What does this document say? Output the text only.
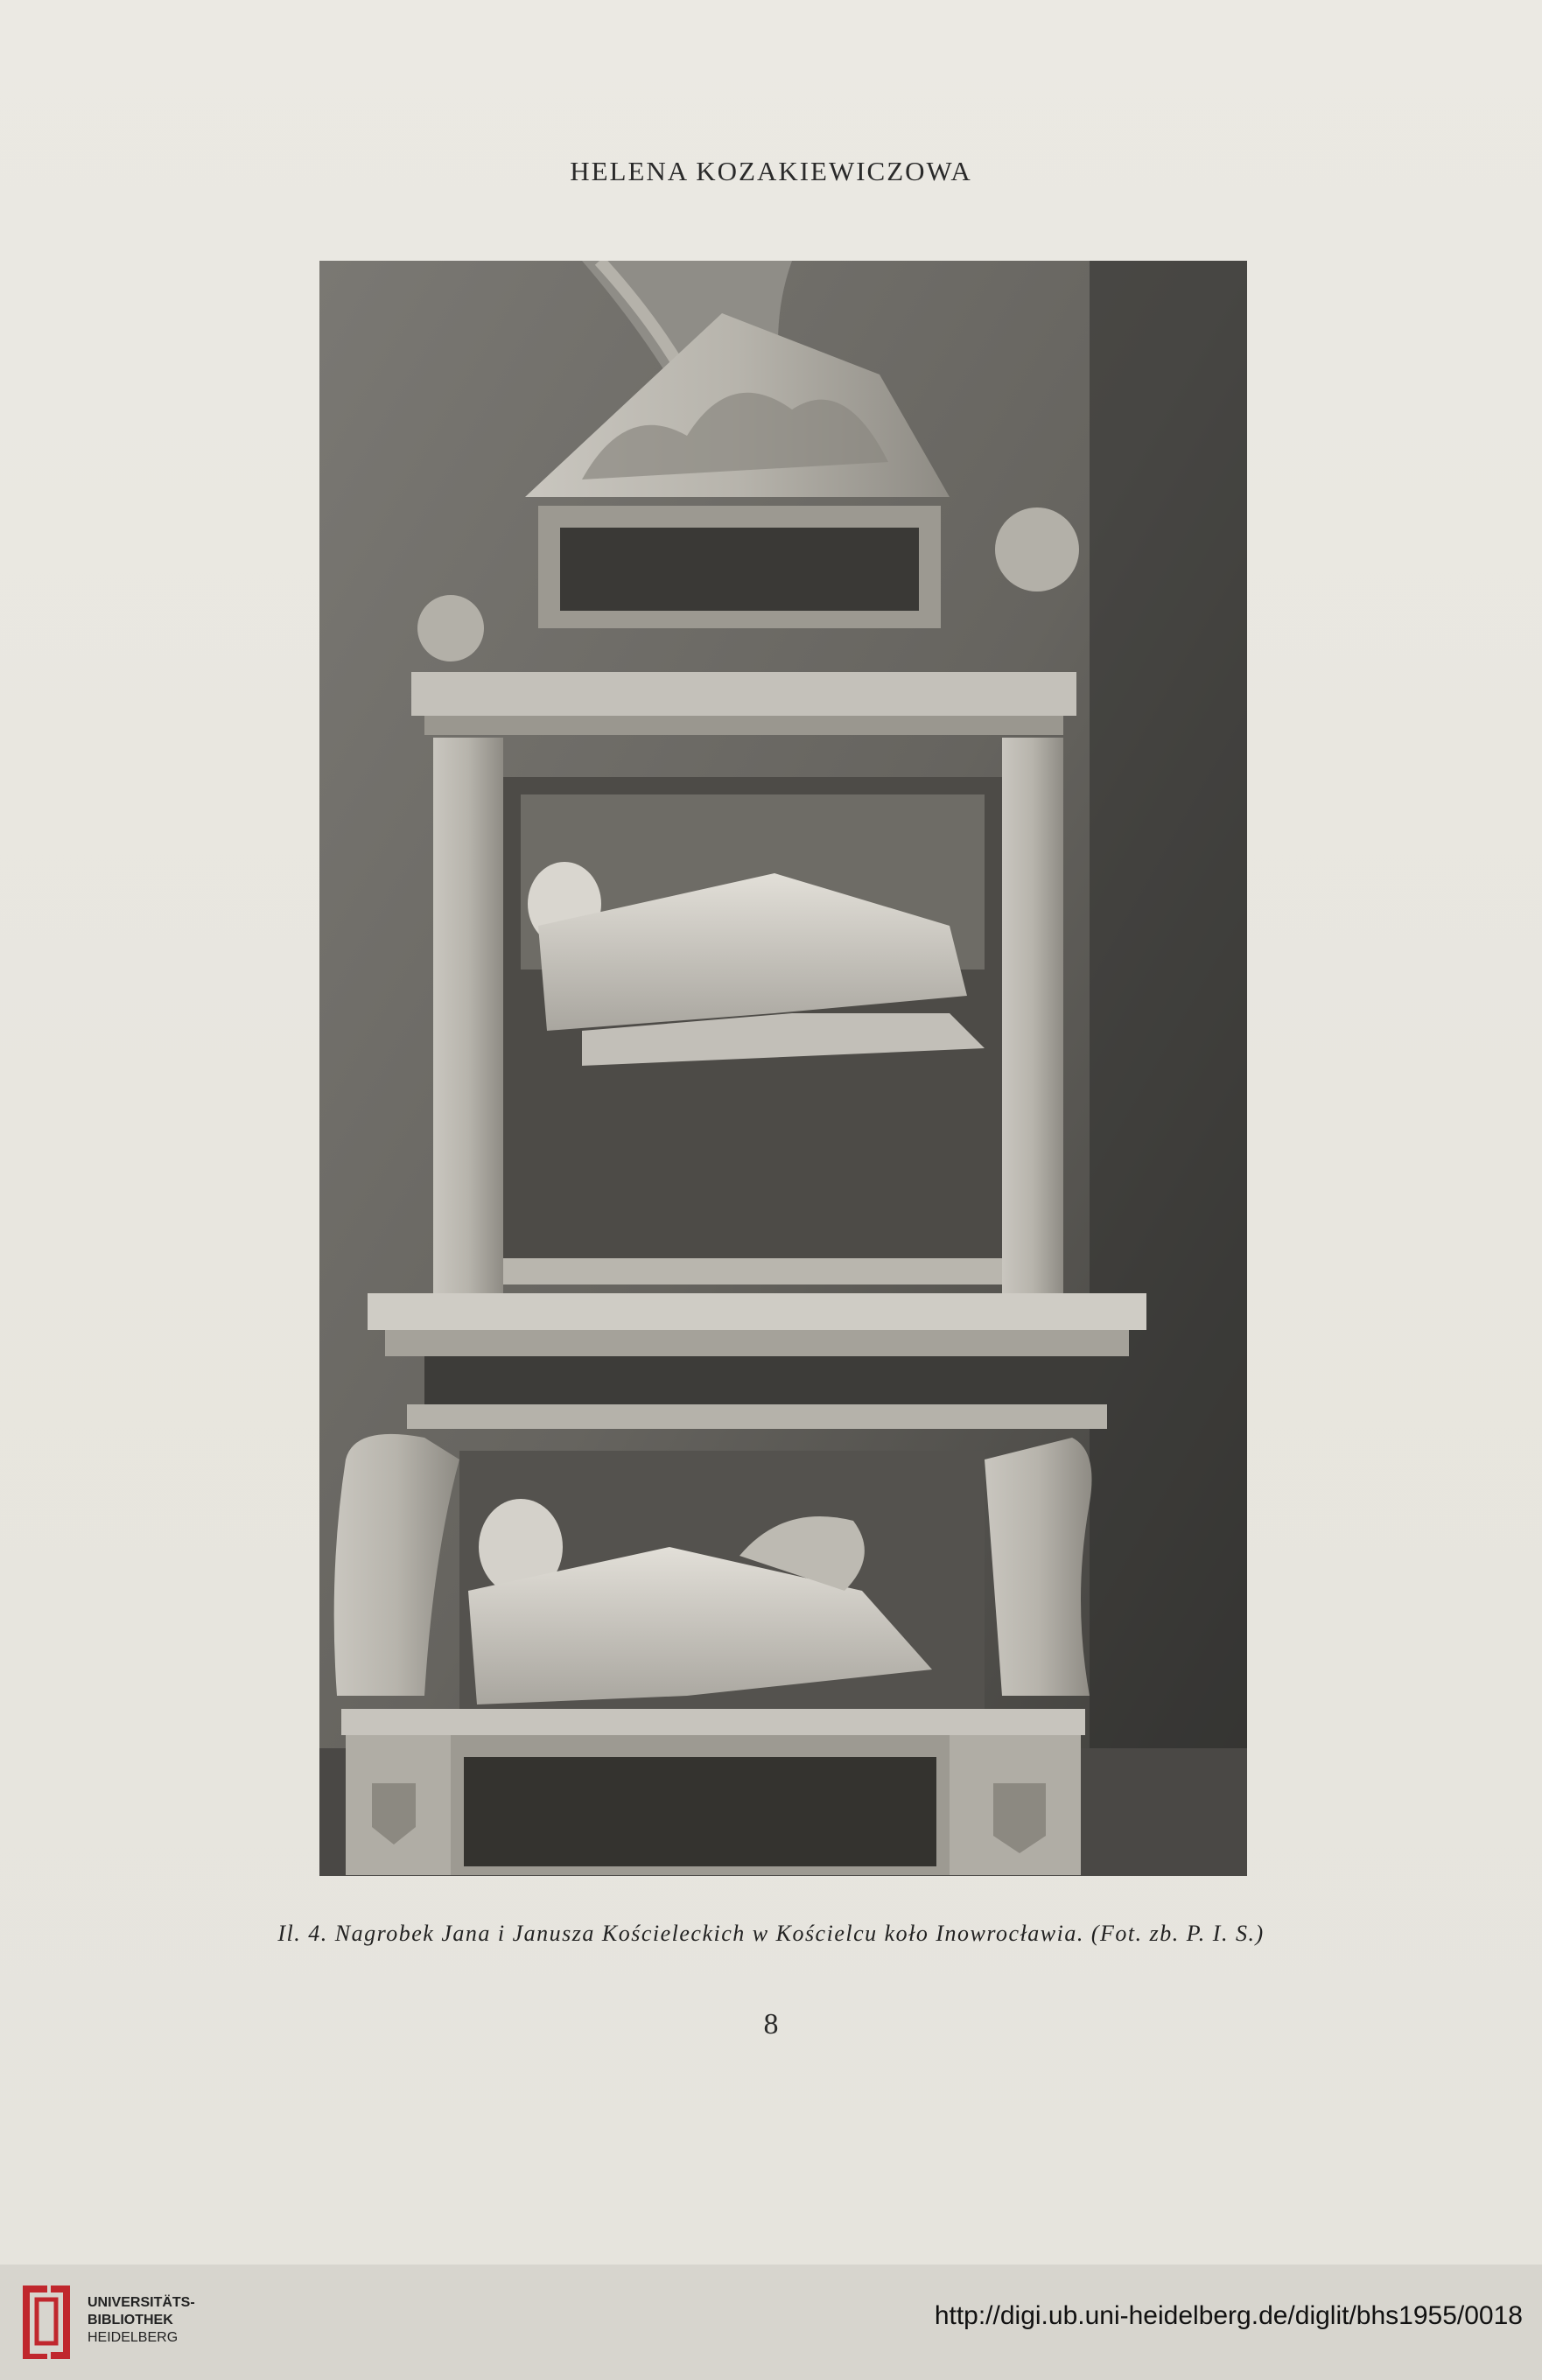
HELENA KOZAKIEWICZOWA
Il. 4. Nagrobek Jana i Janusza Kościeleckich w Kościelcu koło Inowrocławia. (Fot. zb. P. I. S.)
8
UNIVERSITÄTS-
BIBLIOTHEK
HEIDELBERG
http://digi.ub.uni-heidelberg.de/diglit/bhs1955/0018
